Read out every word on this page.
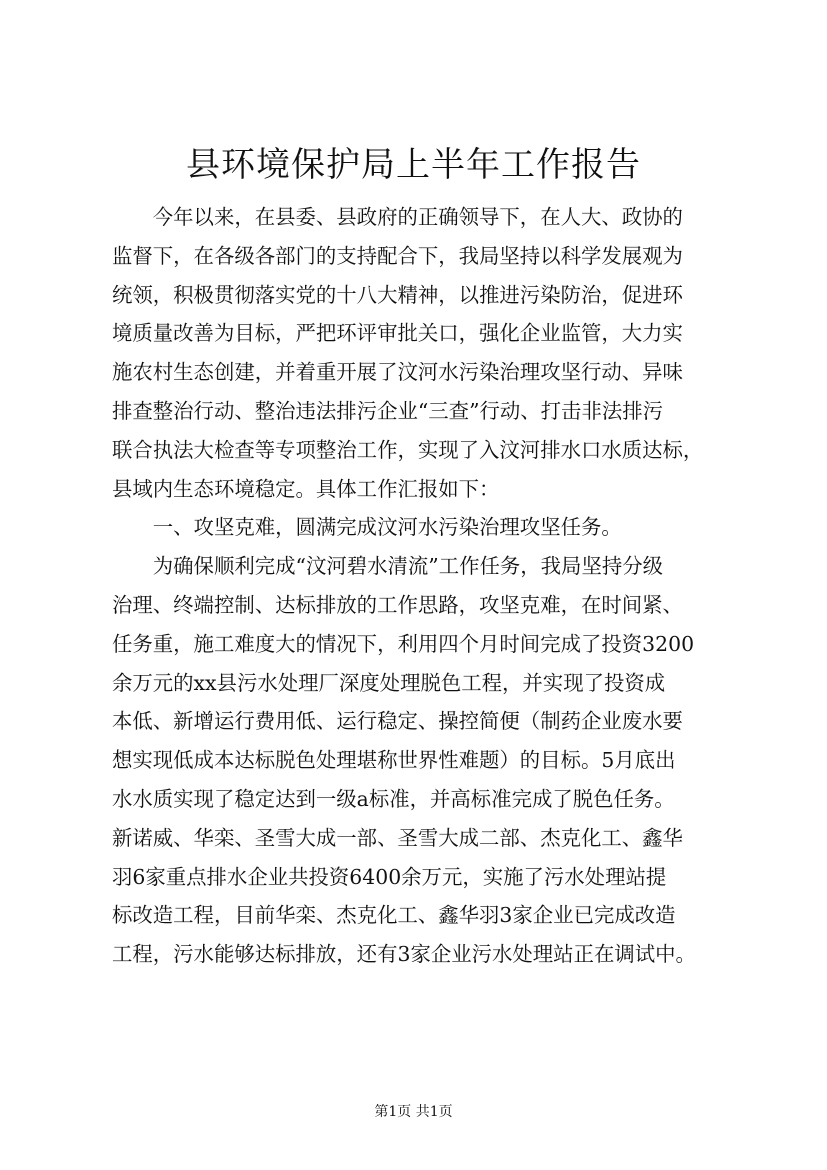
县环境保护局上半年工作报告
　　今年以来，在县委、县政府的正确领导下，在人大、政协的
监督下，在各级各部门的支持配合下，我局坚持以科学发展观为
统领，积极贯彻落实党的十八大精神，以推进污染防治，促进环
境质量改善为目标，严把环评审批关口，强化企业监管，大力实
施农村生态创建，并着重开展了汶河水污染治理攻坚行动、异味
排查整治行动、整治违法排污企业“三查”行动、打击非法排污
联合执法大检查等专项整治工作，实现了入汶河排水口水质达标，
县域内生态环境稳定。具体工作汇报如下：
　　一、攻坚克难，圆满完成汶河水污染治理攻坚任务。
　　为确保顺利完成“汶河碧水清流”工作任务，我局坚持分级
治理、终端控制、达标排放的工作思路，攻坚克难，在时间紧、
任务重，施工难度大的情况下，利用四个月时间完成了投资3200
余万元的xx县污水处理厂深度处理脱色工程，并实现了投资成
本低、新增运行费用低、运行稳定、操控简便（制药企业废水要
想实现低成本达标脱色处理堪称世界性难题）的目标。5月底出
水水质实现了稳定达到一级a标准，并高标准完成了脱色任务。
新诺威、华栾、圣雪大成一部、圣雪大成二部、杰克化工、鑫华
羽6家重点排水企业共投资6400余万元，实施了污水处理站提
标改造工程，目前华栾、杰克化工、鑫华羽3家企业已完成改造
工程，污水能够达标排放，还有3家企业污水处理站正在调试中。
第1页 共1页
